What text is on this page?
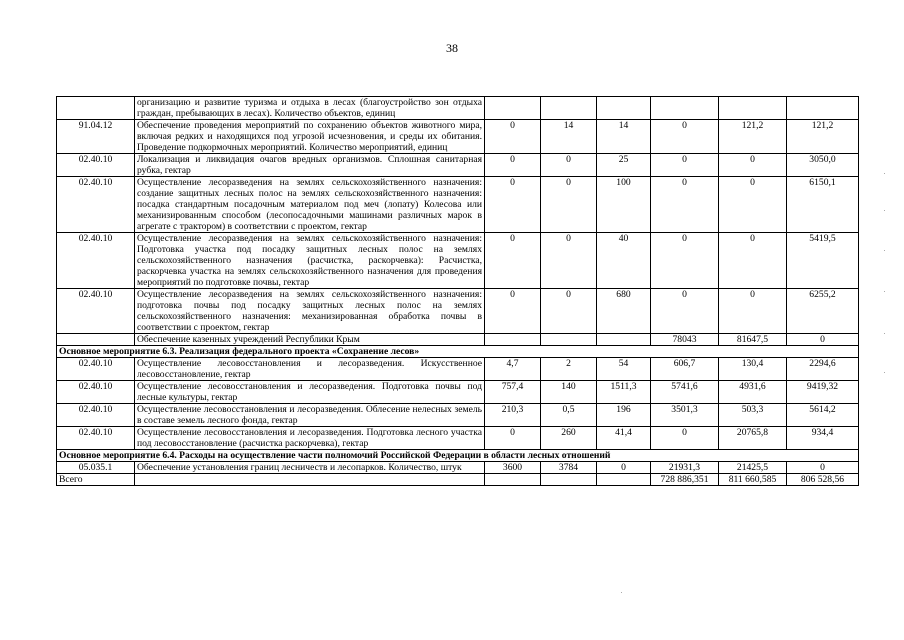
38
	организацию и развитие туризма и отдыха в лесах (благоустройство зон отдыха граждан, пребывающих в лесах). Количество объектов, единиц						
91.04.12	Обеспечение проведения мероприятий по сохранению объектов животного мира, включая редких и находящихся под угрозой исчезновения, и среды их обитания. Проведение подкормочных мероприятий. Количество мероприятий, единиц	0	14	14	0	121,2	121,2
02.40.10	Локализация и ликвидация очагов вредных организмов. Сплошная санитарная рубка, гектар	0	0	25	0	0	3050,0
02.40.10	Осуществление лесоразведения на землях сельскохозяйственного назначения: создание защитных лесных полос на землях сельскохозяйственного назначения: посадка стандартным посадочным материалом под меч (лопату) Колесова или механизированным способом (лесопосадочными машинами различных марок в агрегате с трактором) в соответствии с проектом, гектар	0	0	100	0	0	6150,1
02.40.10	Осуществление лесоразведения на землях сельскохозяйственного назначения: Подготовка участка под посадку защитных лесных полос на землях сельскохозяйственного назначения (расчистка, раскорчевка): Расчистка, раскорчевка участка на землях сельскохозяйственного назначения для проведения мероприятий по подготовке почвы, гектар	0	0	40	0	0	5419,5
02.40.10	Осуществление лесоразведения на землях сельскохозяйственного назначения: подготовка почвы под посадку защитных лесных полос на землях сельскохозяйственного назначения: механизированная обработка почвы в соответствии с проектом, гектар	0	0	680	0	0	6255,2
	Обеспечение казенных учреждений Республики Крым				78043	81647,5	0
Основное мероприятие 6.3. Реализация федерального проекта «Сохранение лесов»							
02.40.10	Осуществление лесовосстановления и лесоразведения. Искусственное лесовосстановление, гектар	4,7	2	54	606,7	130,4	2294,6
02.40.10	Осуществление лесовосстановления и лесоразведения. Подготовка почвы под лесные культуры, гектар	757,4	140	1511,3	5741,6	4931,6	9419,32
02.40.10	Осуществление лесовосстановления и лесоразведения. Облесение нелесных земель в составе земель лесного фонда, гектар	210,3	0,5	196	3501,3	503,3	5614,2
02.40.10	Осуществление лесовосстановления и лесоразведения. Подготовка лесного участка под лесовосстановление (расчистка раскорчевка), гектар	0	260	41,4	0	20765,8	934,4
Основное мероприятие 6.4. Расходы на осуществление части полномочий Российской Федерации в области лесных отношений							
05.035.1	Обеспечение установления границ лесничеств и лесопарков. Количество, штук	3600	3784	0	21931,3	21425,5	0
Всего					728 886,351	811 660,585	806 528,56
